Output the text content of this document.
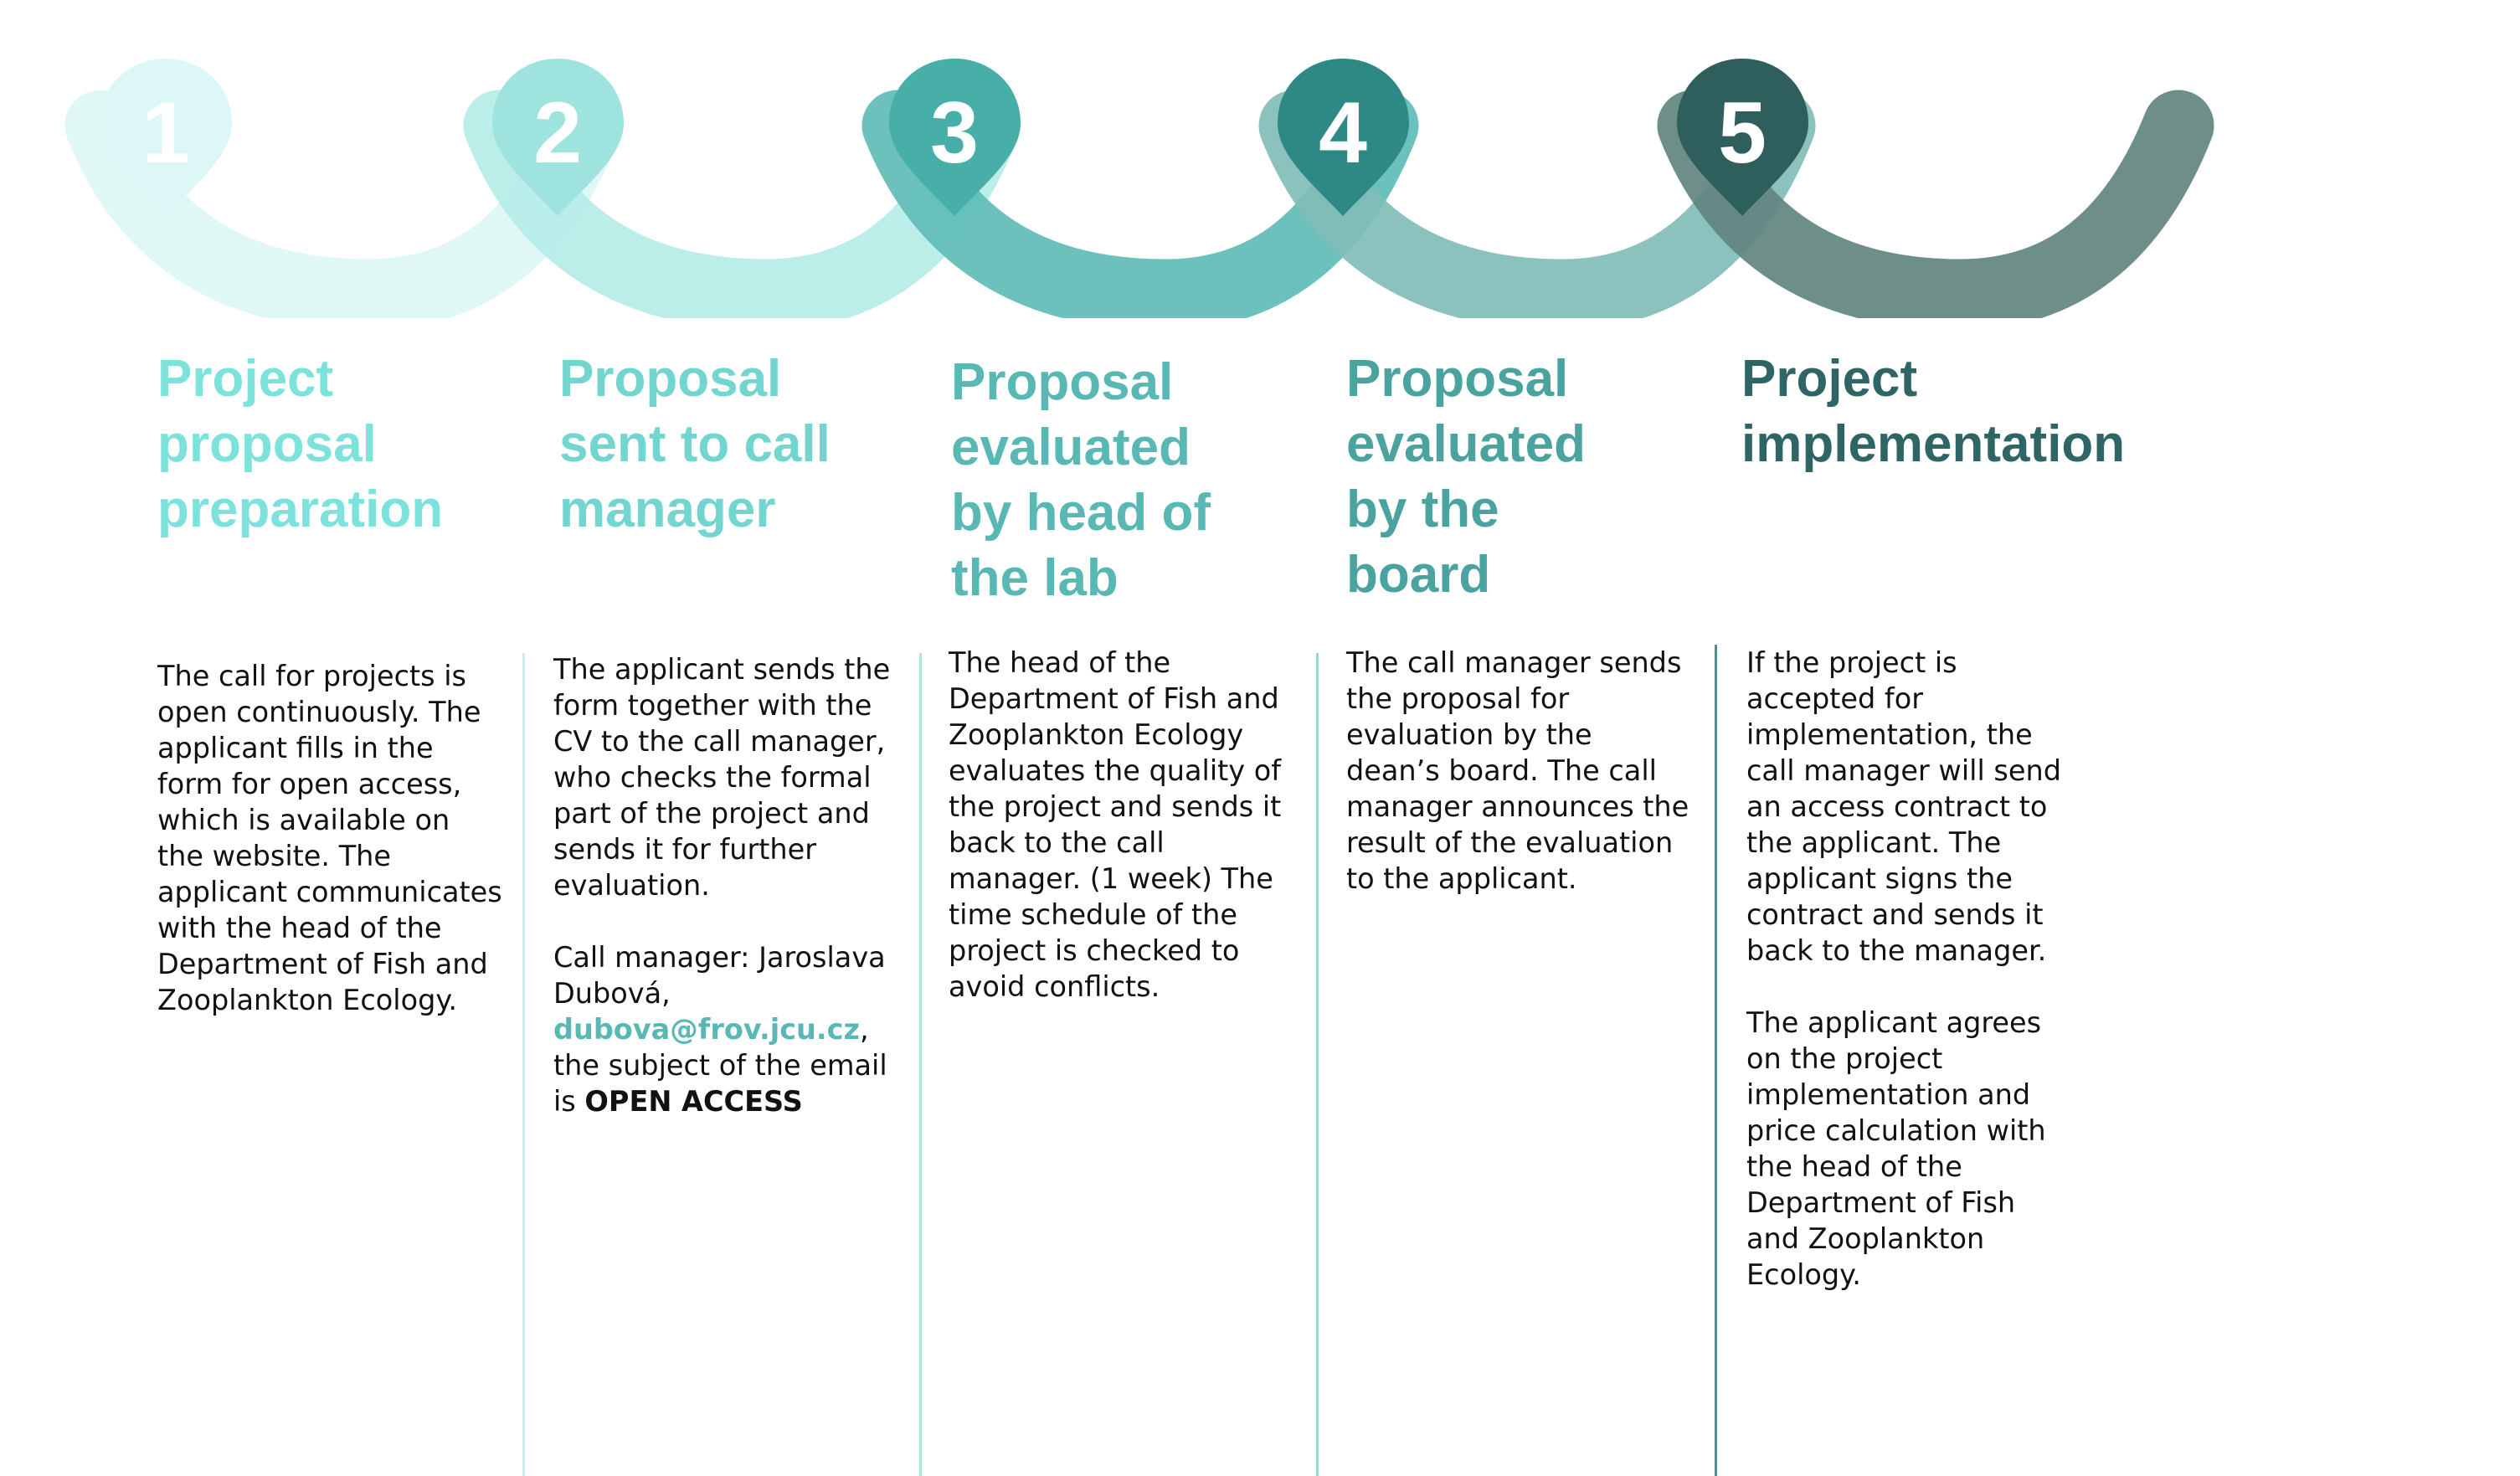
1	2	3	4	5
Project proposal preparation

The call for projects is open continuously. The applicant fills in the form for open access, which is available on the website. The applicant communicates with the head of the Department of Fish and Zooplankton Ecology.

Proposal sent to call manager

The applicant sends the form together with the CV to the call manager, who checks the formal part of the project and sends it for further evaluation.

Call manager: Jaroslava Dubová, dubova@frov.jcu.cz, the subject of the email is OPEN ACCESS

Proposal evaluated by head of the lab

The head of the Department of Fish and Zooplankton Ecology evaluates the quality of the project and sends it back to the call manager. (1 week) The time schedule of the project is checked to avoid conflicts.

Proposal evaluated by the board

The call manager sends the proposal for evaluation by the dean’s board. The call manager announces the result of the evaluation to the applicant.

Project implementation

If the project is accepted for implementation, the call manager will send an access contract to the applicant. The applicant signs the contract and sends it back to the manager.

The applicant agrees on the project implementation and price calculation with the head of the Department of Fish and Zooplankton Ecology.
